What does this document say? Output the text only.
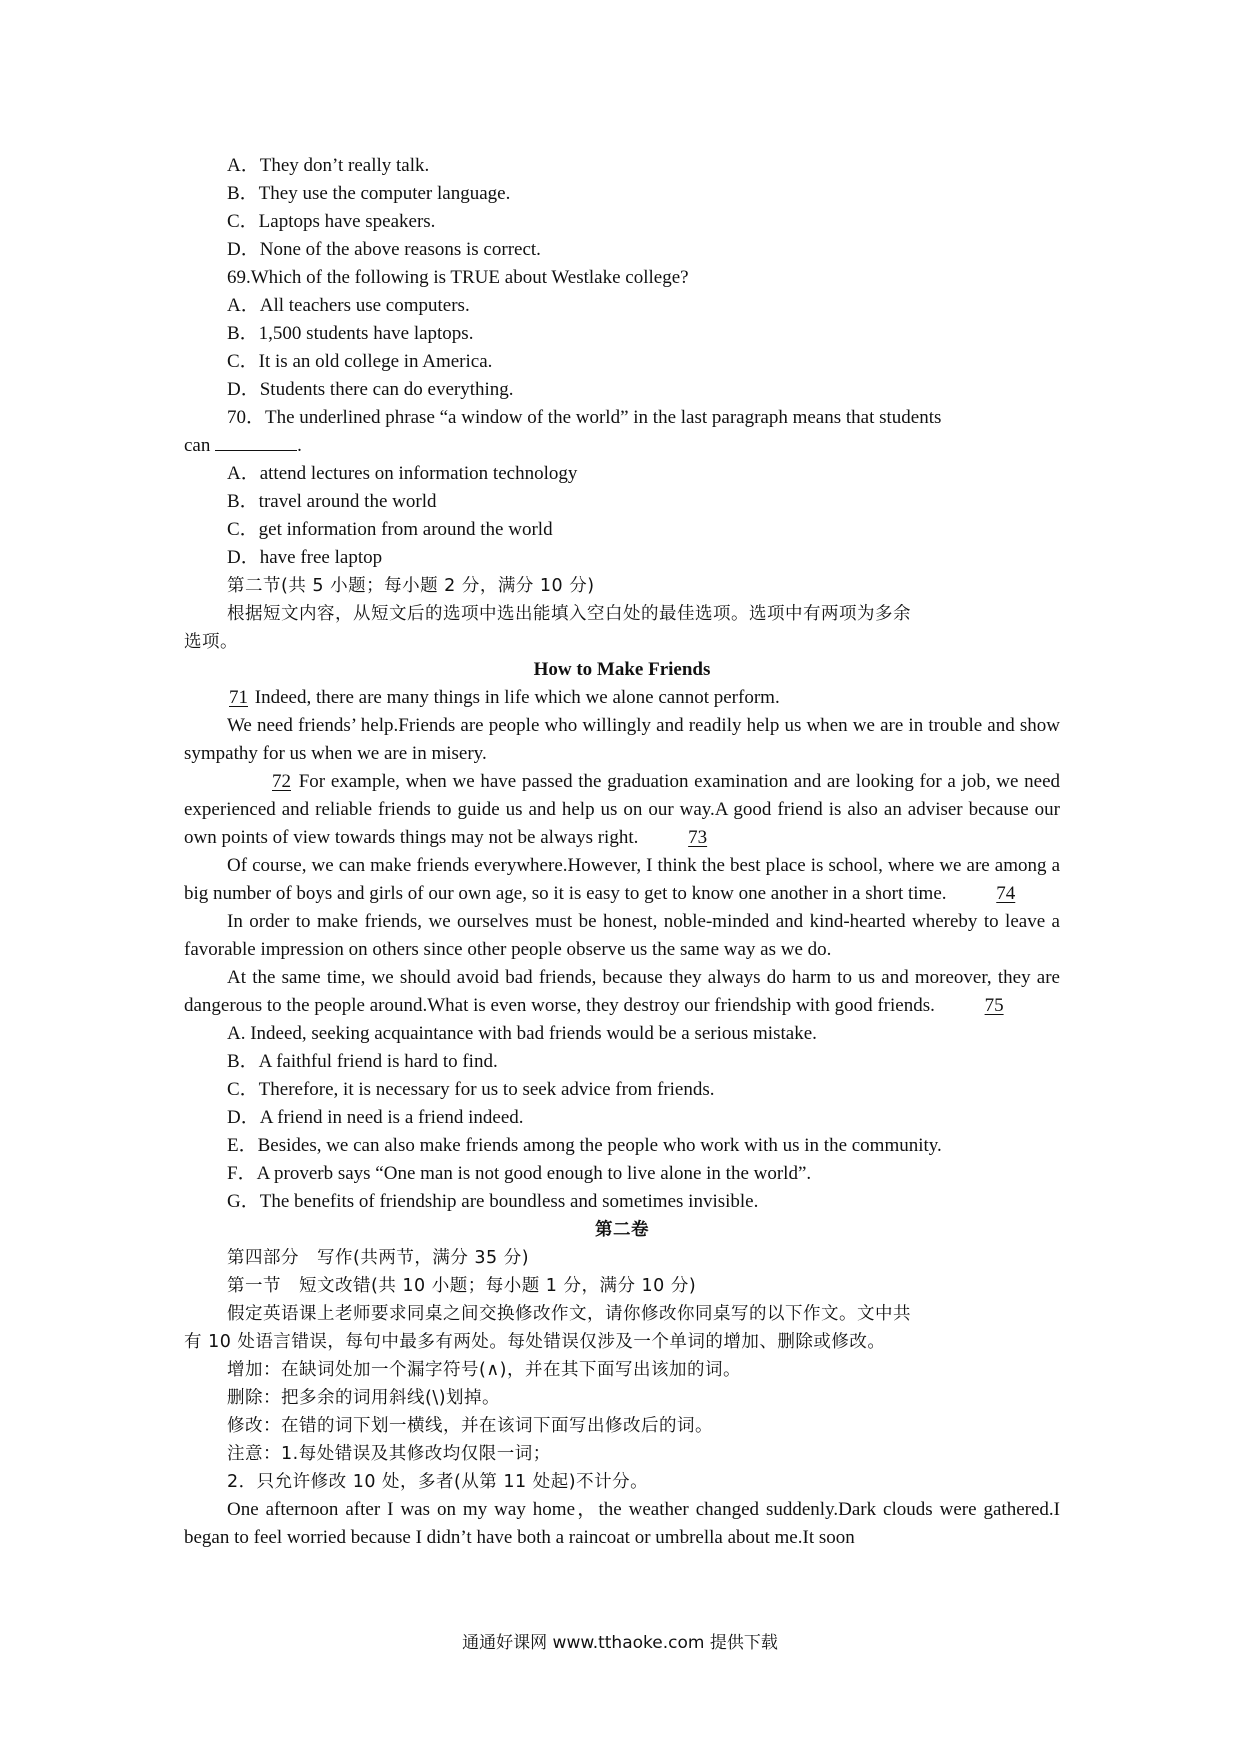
A．They don’t really talk.
B．They use the computer language.
C．Laptops have speakers.
D．None of the above reasons is correct.
69.Which of the following is TRUE about Westlake college?
A．All teachers use computers.
B．1,500 students have laptops.
C．It is an old college in America.
D．Students there can do everything.
70．The underlined phrase “a window of the world” in the last paragraph means that students
can	.
A．attend lectures on information technology
B．travel around the world
C．get information from around the world
D．have free laptop
第二节(共 5 小题；每小题 2 分，满分 10 分)
根据短文内容，从短文后的选项中选出能填入空白处的最佳选项。选项中有两项为多余
选项。
How to Make Friends
71 Indeed, there are many things in life which we alone cannot perform.
We need friends’ help.Friends are people who willingly and readily help us when we are in trouble and show sympathy for us when we are in misery.
72 For example, when we have passed the graduation examination and are looking for a job, we need experienced and reliable friends to guide us and help us on our way.A good friend is also an adviser because our own points of view towards things may not be always right.	73
Of course, we can make friends everywhere.However, I think the best place is school, where we are among a big number of boys and girls of our own age, so it is easy to get to know one another in a short time.	74
In order to make friends, we ourselves must be honest, noble-minded and kind-hearted whereby to leave a favorable impression on others since other people observe us the same way as we do.
At the same time, we should avoid bad friends, because they always do harm to us and moreover, they are dangerous to the people around.What is even worse, they destroy our friendship with good friends.	75
A. Indeed, seeking acquaintance with bad friends would be a serious mistake.
B．A faithful friend is hard to find.
C．Therefore, it is necessary for us to seek advice from friends.
D．A friend in need is a friend indeed.
E．Besides, we can also make friends among the people who work with us in the community.
F．A proverb says “One man is not good enough to live alone in the world”.
G．The benefits of friendship are boundless and sometimes invisible.
第二卷
第四部分　写作(共两节，满分 35 分)
第一节　短文改错(共 10 小题；每小题 1 分，满分 10 分)
假定英语课上老师要求同桌之间交换修改作文，请你修改你同桌写的以下作文。文中共
有 10 处语言错误，每句中最多有两处。每处错误仅涉及一个单词的增加、删除或修改。
增加：在缺词处加一个漏字符号(∧)，并在其下面写出该加的词。
删除：把多余的词用斜线(\)划掉。
修改：在错的词下划一横线，并在该词下面写出修改后的词。
注意：1.每处错误及其修改均仅限一词；
2．只允许修改 10 处，多者(从第 11 处起)不计分。
One afternoon after I was on my way home，the weather changed suddenly.Dark clouds were gathered.I began to feel worried because I didn’t have both a raincoat or umbrella about me.It soon
通通好课网 www.tthaoke.com 提供下载
